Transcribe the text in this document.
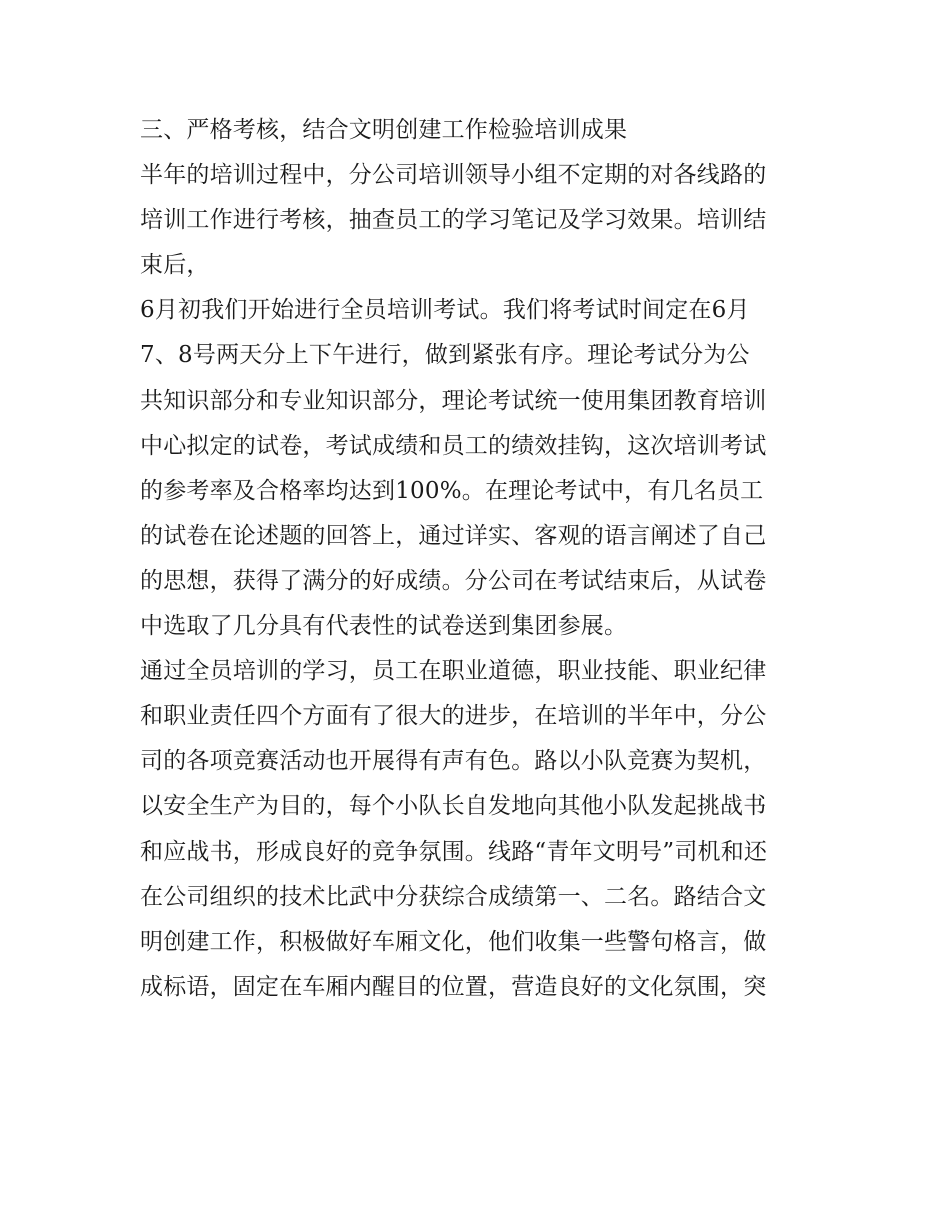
三、严格考核，结合文明创建工作检验培训成果
半年的培训过程中，分公司培训领导小组不定期的对各线路的
培训工作进行考核，抽查员工的学习笔记及学习效果。培训结
束后，
6月初我们开始进行全员培训考试。我们将考试时间定在6月
7、8号两天分上下午进行，做到紧张有序。理论考试分为公
共知识部分和专业知识部分，理论考试统一使用集团教育培训
中心拟定的试卷，考试成绩和员工的绩效挂钩，这次培训考试
的参考率及合格率均达到100%。在理论考试中，有几名员工
的试卷在论述题的回答上，通过详实、客观的语言阐述了自己
的思想，获得了满分的好成绩。分公司在考试结束后，从试卷
中选取了几分具有代表性的试卷送到集团参展。
通过全员培训的学习，员工在职业道德，职业技能、职业纪律
和职业责任四个方面有了很大的进步，在培训的半年中，分公
司的各项竞赛活动也开展得有声有色。路以小队竞赛为契机，
以安全生产为目的，每个小队长自发地向其他小队发起挑战书
和应战书，形成良好的竞争氛围。线路“青年文明号”司机和还
在公司组织的技术比武中分获综合成绩第一、二名。路结合文
明创建工作，积极做好车厢文化，他们收集一些警句格言，做
成标语，固定在车厢内醒目的位置，营造良好的文化氛围，突
